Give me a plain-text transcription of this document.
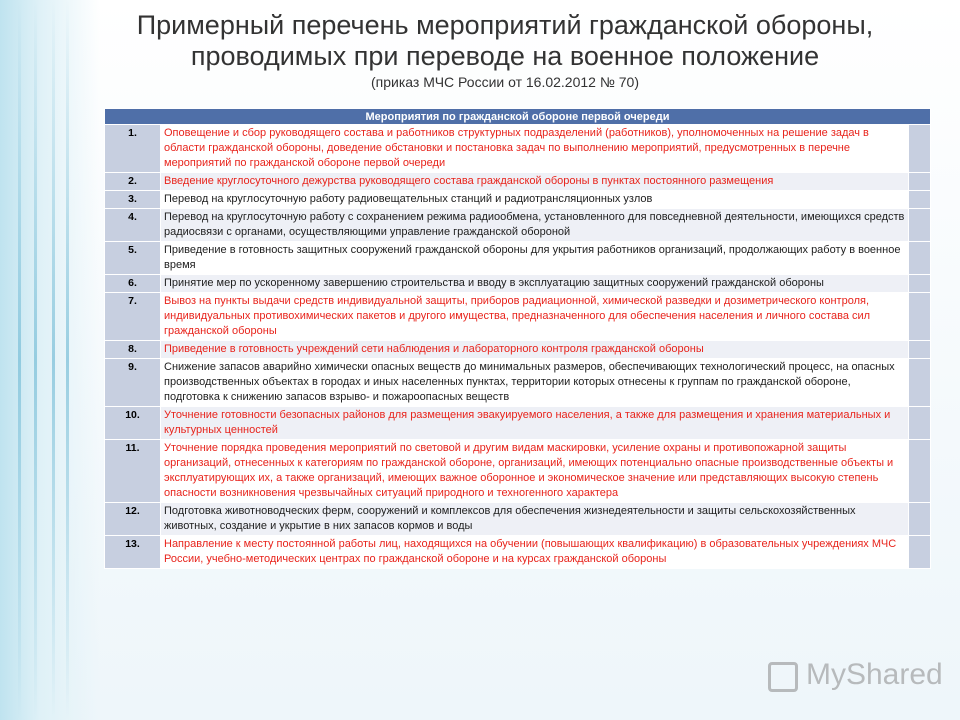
Примерный перечень мероприятий гражданской обороны,
проводимых при переводе на военное положение
(приказ МЧС России от 16.02.2012 № 70)
Мероприятия по гражданской обороне первой очереди		
1.	Оповещение и сбор руководящего состава и работников структурных подразделений (работников), уполномоченных на решение задач в области гражданской обороны, доведение обстановки и постановка задач по выполнению мероприятий, предусмотренных в перечне мероприятий по гражданской обороне первой очереди	
2.	Введение круглосуточного дежурства руководящего состава гражданской обороны в пунктах постоянного размещения	
3.	Перевод на круглосуточную работу радиовещательных станций и радиотрансляционных узлов	
4.	Перевод на круглосуточную работу с сохранением режима радиообмена, установленного для повседневной деятельности, имеющихся средств радиосвязи с органами, осуществляющими управление гражданской обороной	
5.	Приведение в готовность защитных сооружений гражданской обороны для укрытия работников организаций, продолжающих работу в военное время	
6.	Принятие мер по ускоренному завершению строительства и вводу в эксплуатацию защитных сооружений гражданской обороны	
7.	Вывоз на пункты выдачи средств индивидуальной защиты, приборов радиационной, химической разведки и дозиметрического контроля, индивидуальных противохимических пакетов и другого имущества, предназначенного для обеспечения населения и личного состава сил гражданской обороны	
8.	Приведение в готовность учреждений сети наблюдения и лабораторного контроля гражданской обороны	
9.	Снижение запасов аварийно химически опасных веществ до минимальных размеров, обеспечивающих технологический процесс, на опасных производственных объектах в городах и иных населенных пунктах, территории которых отнесены к группам по гражданской обороне, подготовка к снижению запасов взрыво- и пожароопасных веществ	
10.	Уточнение готовности безопасных районов для размещения эвакуируемого населения, а также для размещения и хранения материальных и культурных ценностей	
11.	Уточнение порядка проведения мероприятий по световой и другим видам маскировки, усиление охраны и противопожарной защиты организаций, отнесенных к категориям по гражданской обороне, организаций, имеющих потенциально опасные производственные объекты и эксплуатирующих их, а также организаций, имеющих важное оборонное и экономическое значение или представляющих высокую степень опасности возникновения чрезвычайных ситуаций природного и техногенного характера	
12.	Подготовка животноводческих ферм, сооружений и комплексов для обеспечения жизнедеятельности и защиты сельскохозяйственных животных, создание и укрытие в них запасов кормов и воды	
13.	Направление к месту постоянной работы лиц, находящихся на обучении (повышающих квалификацию) в образовательных учреждениях МЧС России, учебно-методических центрах по гражданской обороне и на курсах гражданской обороны	
MyShared
